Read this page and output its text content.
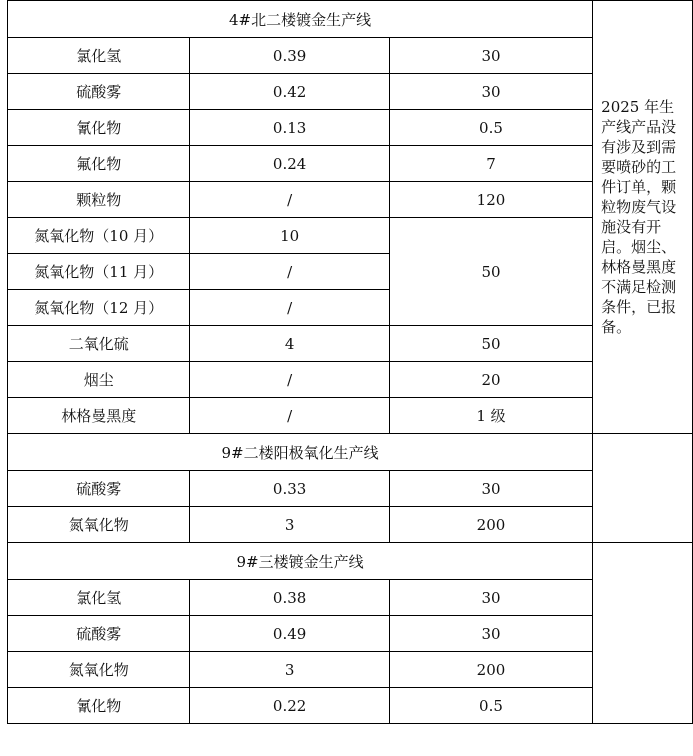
4#北二楼镀金生产线			2025 年生产线产品没有涉及到需要喷砂的工件订单，颗粒物废气设施没有开启。烟尘、林格曼黑度不满足检测条件，已报备。
氯化氢	0.39	30	
硫酸雾	0.42	30	
氰化物	0.13	0.5	
氟化物	0.24	7	
颗粒物	/	120	
氮氧化物（10 月）	10	50	
氮氧化物（11 月）	/		
氮氧化物（12 月）	/		
二氧化硫	4	50	
烟尘	/	20	
林格曼黑度	/	1 级	
9#二楼阳极氧化生产线			
硫酸雾	0.33	30	
氮氧化物	3	200	
9#三楼镀金生产线			
氯化氢	0.38	30	
硫酸雾	0.49	30	
氮氧化物	3	200	
氰化物	0.22	0.5	
